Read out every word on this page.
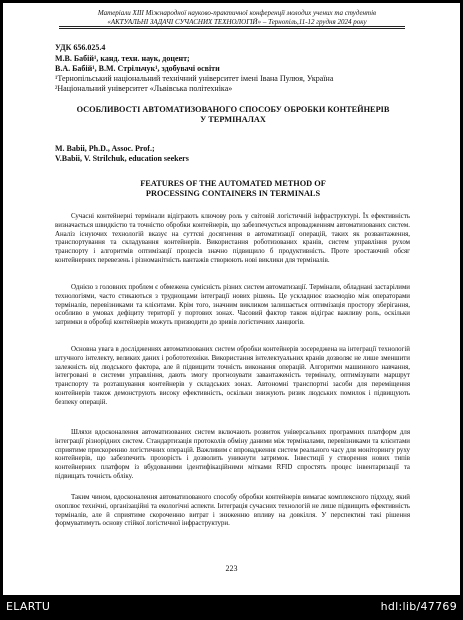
Матеріали XIII Міжнародної науково-практичної конференції молодих учених та студентів
«АКТУАЛЬНІ ЗАДАЧІ СУЧАСНИХ ТЕХНОЛОГІЙ» – Тернопіль,11-12 грудня 2024 року
УДК 656.025.4
М.В. Бабій¹, канд. техн. наук, доцент;
В.А. Бабій¹, В.М. Стрільчук¹, здобувачі освіти
¹Тернопільський національний технічний університет імені Івана Пулюя, Україна
²Національний університет «Львівська політехніка»
ОСОБЛИВОСТІ АВТОМАТИЗОВАНОГО СПОСОБУ ОБРОБКИ КОНТЕЙНЕРІВ У ТЕРМІНАЛАХ
M. Babii, Ph.D., Assoc. Prof.;
V.Babii, V. Strilchuk, education seekers
FEATURES OF THE AUTOMATED METHOD OF PROCESSING CONTAINERS IN TERMINALS
Сучасні контейнерні термінали відіграють ключову роль у світовій логістичній інфраструктурі. Їх ефективність визначається швидкістю та точністю обробки контейнерів, що забезпечується впровадженням автоматизованих систем. Аналіз існуючих технологій вказує на суттєві досягнення в автоматизації операцій, таких як розвантаження, транспортування та складування контейнерів. Використання роботизованих кранів, систем управління рухом транспорту і алгоритмів оптимізації процесів значно підвищило б продуктивність. Проте зростаючий обсяг контейнерних перевезень і різноманітність вантажів створюють нові виклики для терміналів.
Однією з головних проблем є обмежена сумісність різних систем автоматизації. Термінали, обладнані застарілими технологіями, часто стикаються з труднощами інтеграції нових рішень. Це ускладнює взаємодію між операторами терміналів, перевізниками та клієнтами. Крім того, значним викликом залишається оптимізація простору зберігання, особливо в умовах дефіциту території у портових зонах. Часовий фактор також відіграє важливу роль, оскільки затримки в обробці контейнерів можуть призводити до зривів логістичних ланцюгів.
Основна увага в дослідженнях автоматизованих систем обробки контейнерів зосереджена на інтеграції технологій штучного інтелекту, великих даних і робототехніки. Використання інтелектуальних кранів дозволяє не лише зменшити залежність від людського фактора, але й підвищити точність виконання операцій. Алгоритми машинного навчання, інтегровані в системи управління, дають змогу прогнозувати завантаженість терміналу, оптимізувати маршрут транспорту та розташування контейнерів у складських зонах. Автономні транспортні засоби для переміщення контейнерів також демонструють високу ефективність, оскільки знижують ризик людських помилок і підвищують безпеку операцій.
Шляхи вдосконалення автоматизованих систем включають розвиток універсальних програмних платформ для інтеграції різнорідних систем. Стандартизація протоколів обміну даними між терміналами, перевізниками та клієнтами сприятиме прискоренню логістичних операцій. Важливим є впровадження систем реального часу для моніторингу руху контейнерів, що забезпечить прозорість і дозволить уникнути затримок. Інвестиції у створення нових типів контейнерних платформ із вбудованими ідентифікаційними мітками RFID спростять процес інвентаризації та підвищать точність обліку.
Таким чином, вдосконалення автоматизованого способу обробки контейнерів вимагає комплексного підходу, який охоплює технічні, організаційні та екологічні аспекти. Інтеграція сучасних технологій не лише підвищить ефективність терміналів, але й сприятиме скороченню витрат і зниженню впливу на довкілля. У перспективі такі рішення формуватимуть основу стійкої логістичної інфраструктури.
223
ELARTU	hdl:lib/47769
